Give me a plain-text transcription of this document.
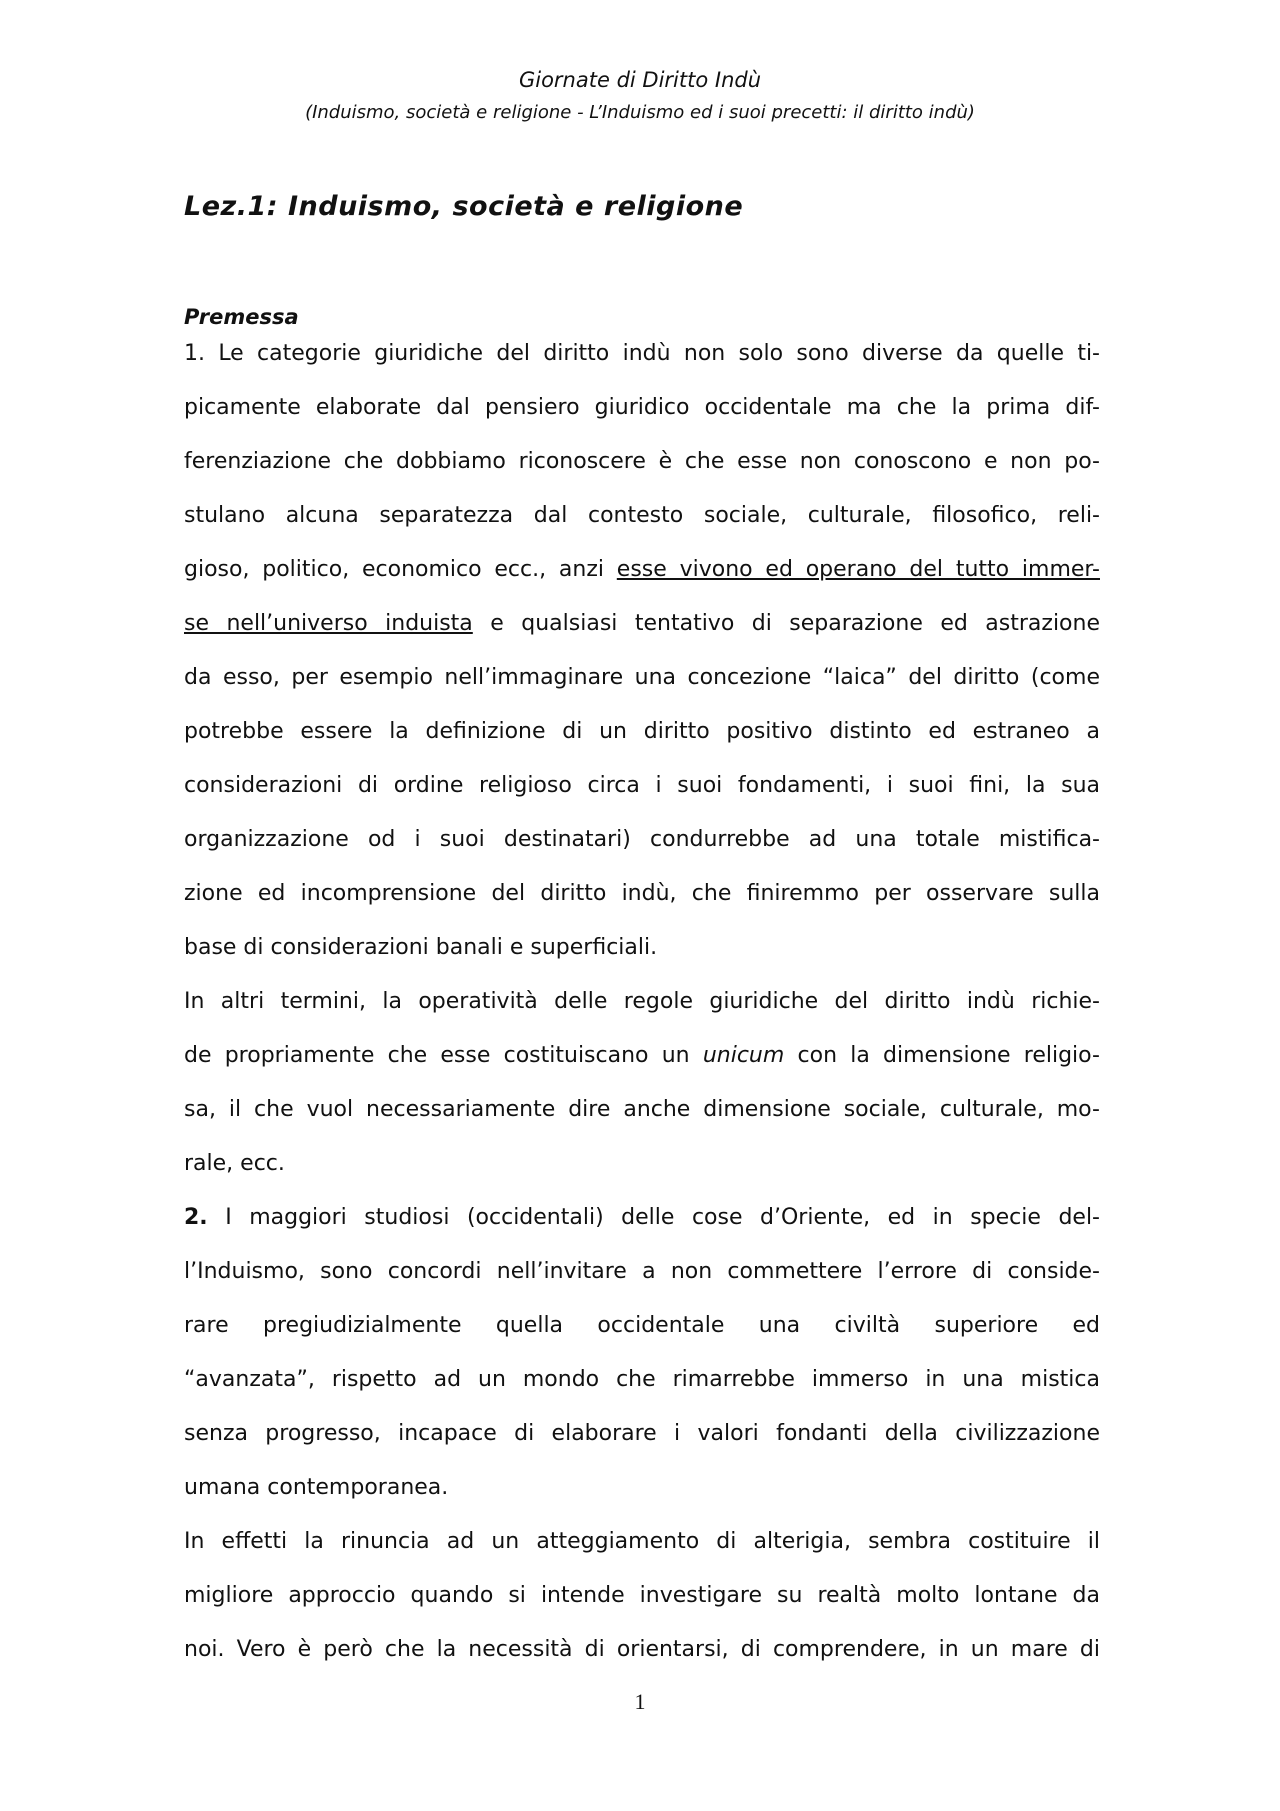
Giornate di Diritto Indù
(Induismo, società e religione - L’Induismo ed i suoi precetti: il diritto indù)
Lez.1: Induismo, società e religione
Premessa
1. Le categorie giuridiche del diritto indù non solo sono diverse da quelle ti-
picamente elaborate dal pensiero giuridico occidentale ma che la prima dif-
ferenziazione che dobbiamo riconoscere è che esse non conoscono e non po-
stulano alcuna separatezza dal contesto sociale, culturale, filosofico, reli-
gioso, politico, economico ecc., anzi esse vivono ed operano del tutto immer-
se nell’universo induista e qualsiasi tentativo di separazione ed astrazione
da esso, per esempio nell’immaginare una concezione “laica” del diritto (come
potrebbe essere la definizione di un diritto positivo distinto ed estraneo a
considerazioni di ordine religioso circa i suoi fondamenti, i suoi fini, la sua
organizzazione od i suoi destinatari) condurrebbe ad una totale mistifica-
zione ed incomprensione del diritto indù, che finiremmo per osservare sulla
base di considerazioni banali e superficiali.
In altri termini, la operatività delle regole giuridiche del diritto indù richie-
de propriamente che esse costituiscano un unicum con la dimensione religio-
sa, il che vuol necessariamente dire anche dimensione sociale, culturale, mo-
rale, ecc.
2. I maggiori studiosi (occidentali) delle cose d’Oriente, ed in specie del-
l’Induismo, sono concordi nell’invitare a non commettere l’errore di conside-
rare pregiudizialmente quella occidentale una civiltà superiore ed
“avanzata”, rispetto ad un mondo che rimarrebbe immerso in una mistica
senza progresso, incapace di elaborare i valori fondanti della civilizzazione
umana contemporanea.
In effetti la rinuncia ad un atteggiamento di alterigia, sembra costituire il
migliore approccio quando si intende investigare su realtà molto lontane da
noi. Vero è però che la necessità di orientarsi, di comprendere, in un mare di
1
